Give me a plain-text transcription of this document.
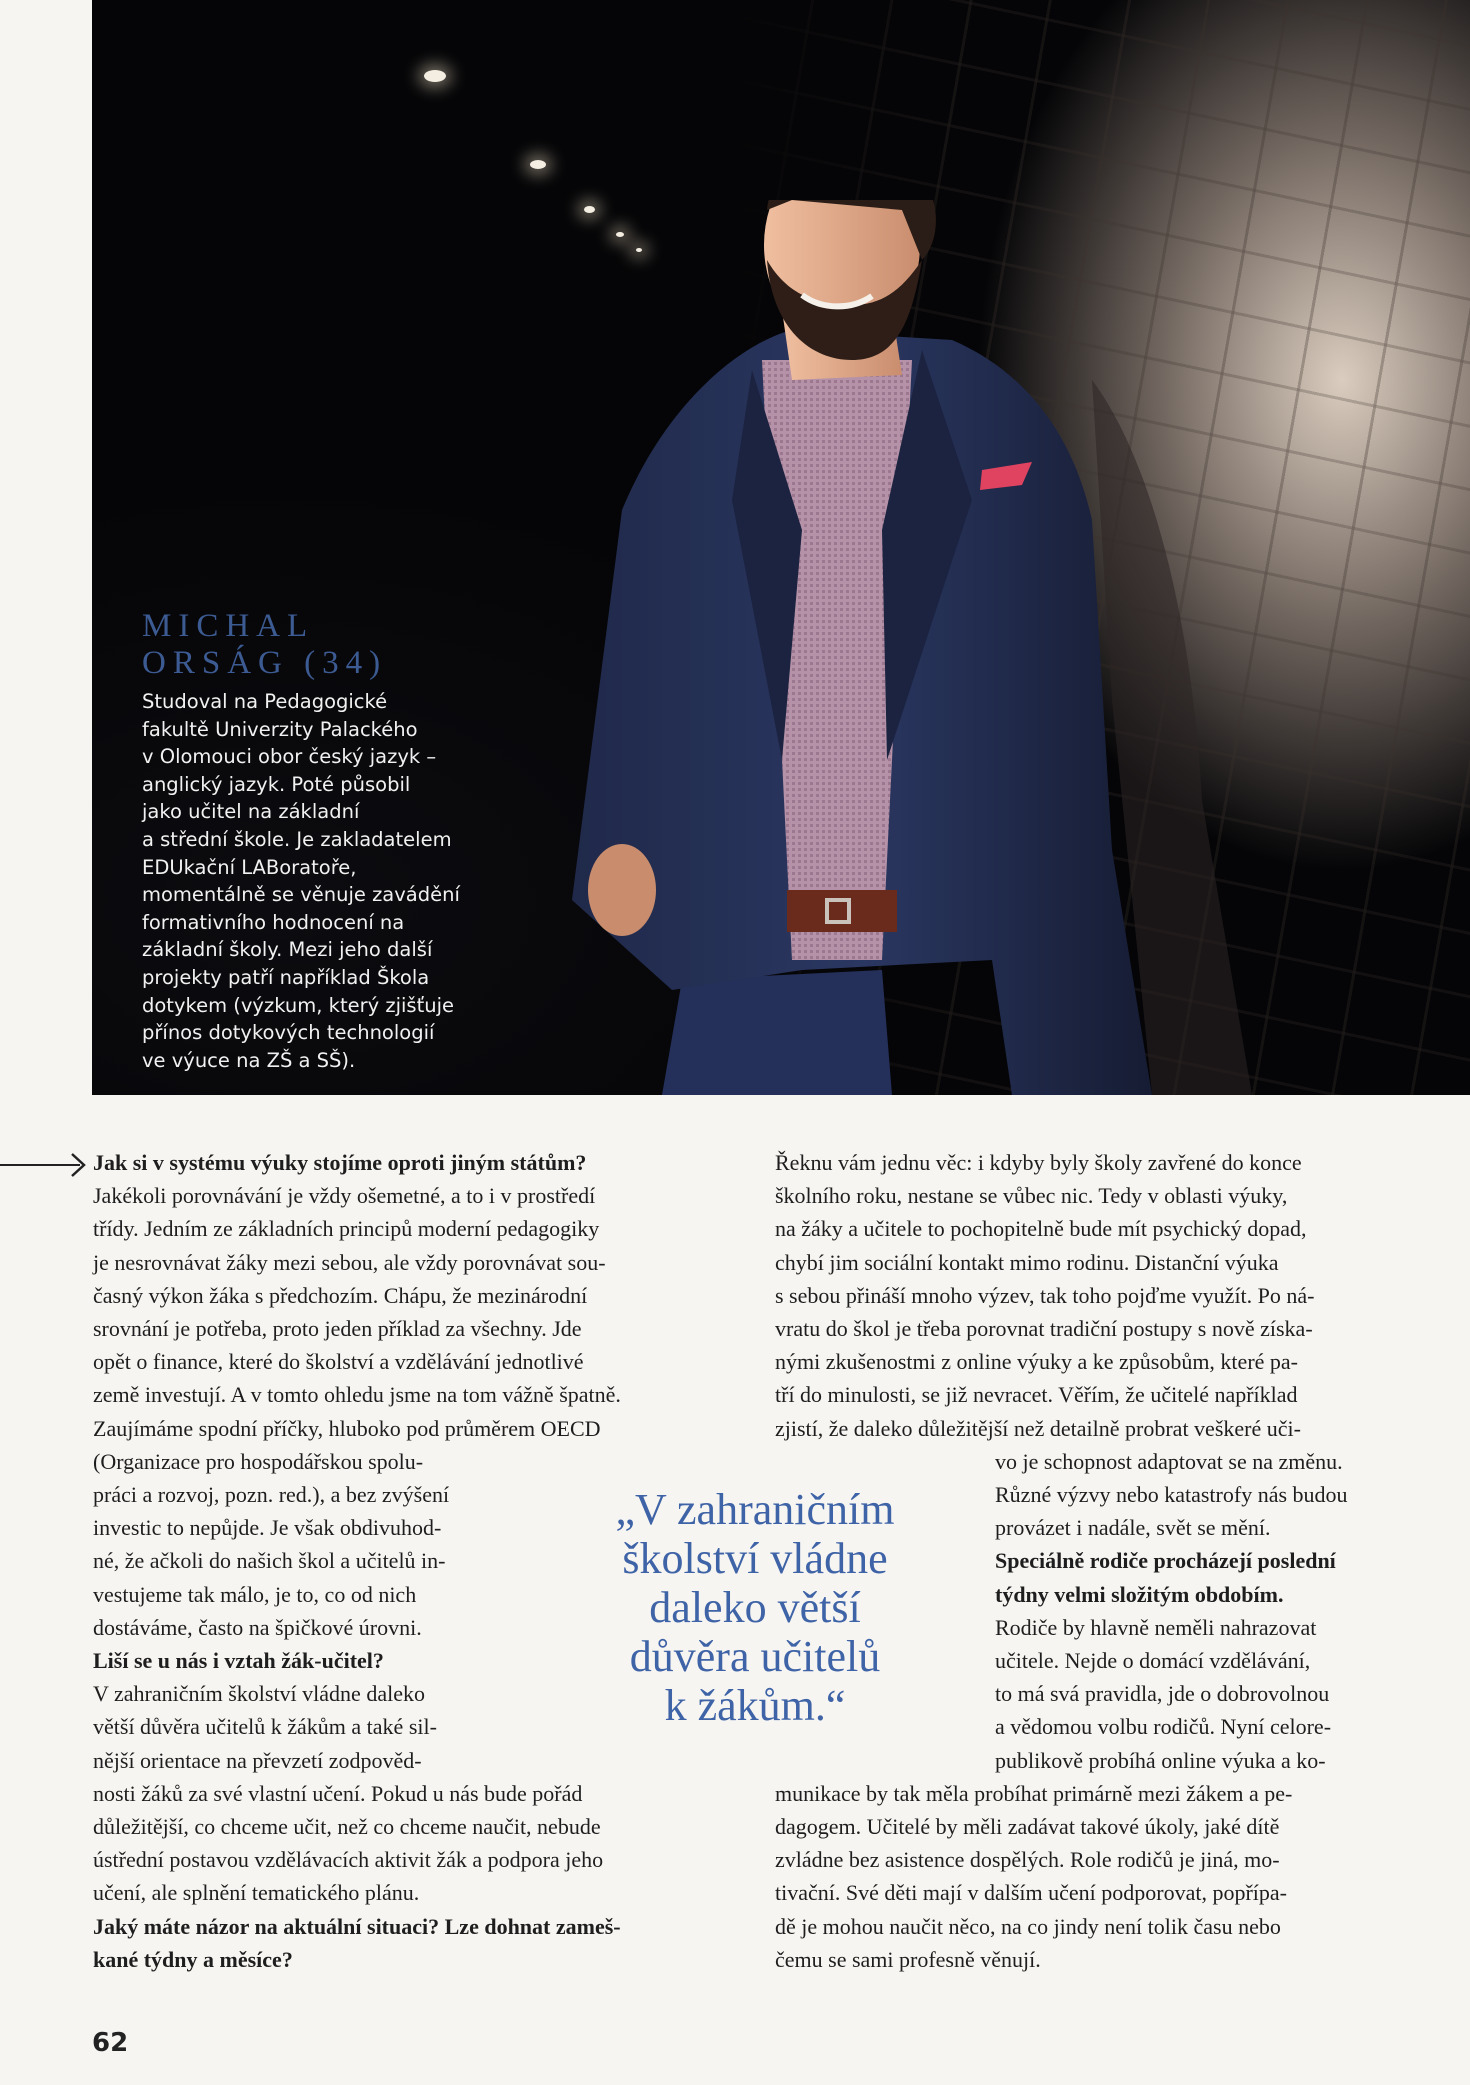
MICHAL

ORSÁG (34)

Studoval na Pedagogické

fakultě Univerzity Palackého

v Olomouci obor český jazyk –

anglický jazyk. Poté působil

jako učitel na základní

a střední škole. Je zakladatelem

EDUkační LABoratoře,

momentálně se věnuje zavádění

formativního hodnocení na

základní školy. Mezi jeho další

projekty patří například Škola

dotykem (výzkum, který zjišťuje

přínos dotykových technologií

ve výuce na ZŠ a SŠ).

Jak si v systému výuky stojíme oproti jiným státům?

Jakékoli porovnávání je vždy ošemetné, a to i v prostředí

třídy. Jedním ze základních principů moderní pedagogiky

je nesrovnávat žáky mezi sebou, ale vždy porovnávat sou-

časný výkon žáka s předchozím. Chápu, že mezinárodní

srovnání je potřeba, proto jeden příklad za všechny. Jde

opět o finance, které do školství a vzdělávání jednotlivé

země investují. A v tomto ohledu jsme na tom vážně špatně.

Zaujímáme spodní příčky, hluboko pod průměrem OECD

(Organizace pro hospodářskou spolu-

práci a rozvoj, pozn. red.), a bez zvýšení

investic to nepůjde. Je však obdivuhod-

né, že ačkoli do našich škol a učitelů in-

vestujeme tak málo, je to, co od nich

dostáváme, často na špičkové úrovni.

Liší se u nás i vztah žák-učitel?

V zahraničním školství vládne daleko

větší důvěra učitelů k žákům a také sil-

nější orientace na převzetí zodpověd-

nosti žáků za své vlastní učení. Pokud u nás bude pořád

důležitější, co chceme učit, než co chceme naučit, nebude

ústřední postavou vzdělávacích aktivit žák a podpora jeho

učení, ale splnění tematického plánu.

Jaký máte názor na aktuální situaci? Lze dohnat zameš-

kané týdny a měsíce?

„V zahraničním
školství vládne
daleko větší
důvěra učitelů
k žákům.“

Řeknu vám jednu věc: i kdyby byly školy zavřené do konce

školního roku, nestane se vůbec nic. Tedy v oblasti výuky,

na žáky a učitele to pochopitelně bude mít psychický dopad,

chybí jim sociální kontakt mimo rodinu. Distanční výuka

s sebou přináší mnoho výzev, tak toho pojďme využít. Po ná-

vratu do škol je třeba porovnat tradiční postupy s nově získa-

nými zkušenostmi z online výuky a ke způsobům, které pa-

tří do minulosti, se již nevracet. Věřím, že učitelé například

zjistí, že daleko důležitější než detailně probrat veškeré uči-

vo je schopnost adaptovat se na změnu.

Různé výzvy nebo katastrofy nás budou

provázet i nadále, svět se mění.

Speciálně rodiče procházejí poslední

týdny velmi složitým obdobím.

Rodiče by hlavně neměli nahrazovat

učitele. Nejde o domácí vzdělávání,

to má svá pravidla, jde o dobrovolnou

a vědomou volbu rodičů. Nyní celore-

publikově probíhá online výuka a ko-

munikace by tak měla probíhat primárně mezi žákem a pe-

dagogem. Učitelé by měli zadávat takové úkoly, jaké dítě

zvládne bez asistence dospělých. Role rodičů je jiná, mo-

tivační. Své děti mají v dalším učení podporovat, popřípa-

dě je mohou naučit něco, na co jindy není tolik času nebo

čemu se sami profesně věnují.

62
